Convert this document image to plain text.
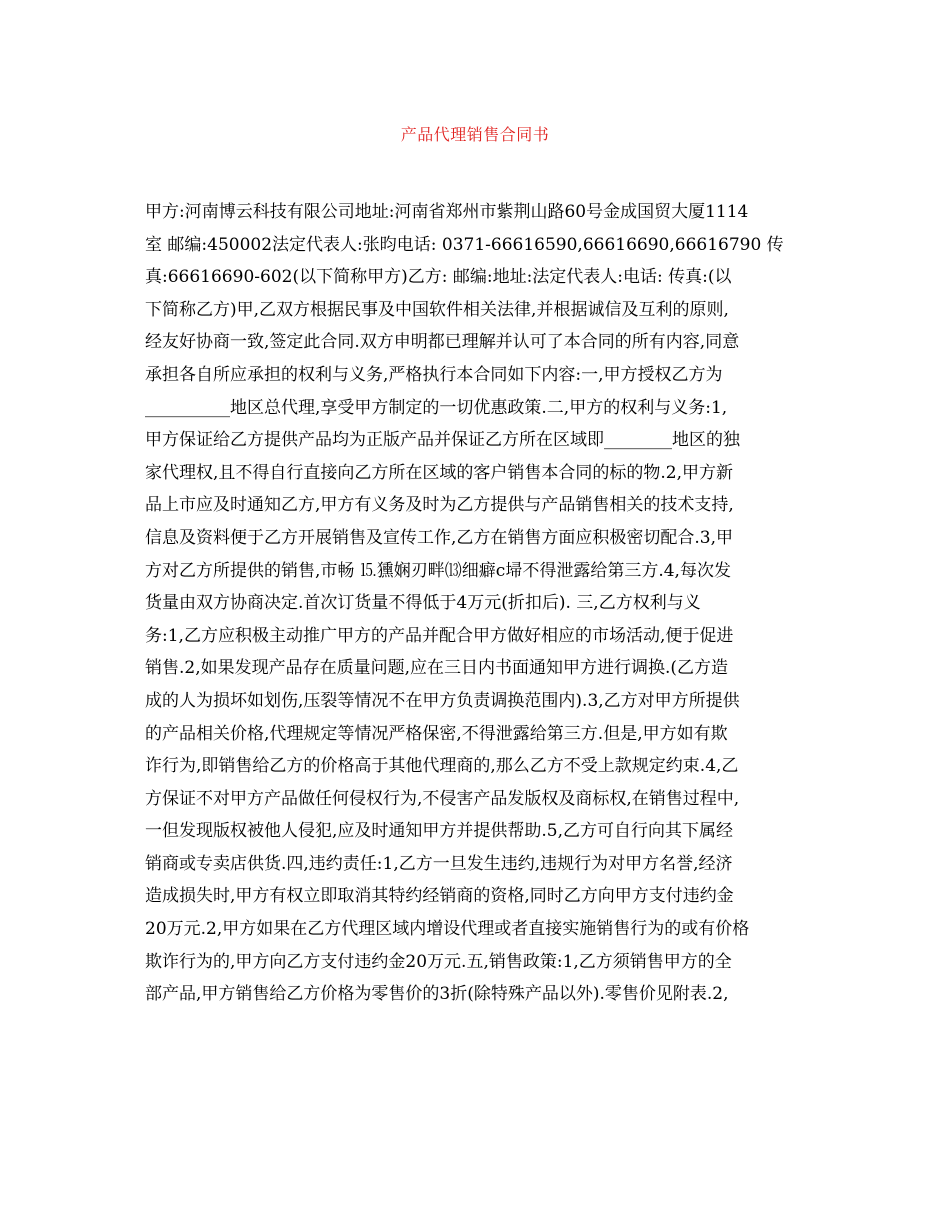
产品代理销售合同书
甲方:河南博云科技有限公司地址:河南省郑州市紫荆山路60号金成国贸大厦1114
室 邮编:450002法定代表人:张昀电话: 0371-66616590,66616690,66616790 传
真:66616690-602(以下简称甲方)乙方: 邮编:地址:法定代表人:电话: 传真:(以
下简称乙方)甲,乙双方根据民事及中国软件相关法律,并根据诚信及互利的原则,
经友好协商一致,签定此合同.双方申明都已理解并认可了本合同的所有内容,同意
承担各自所应承担的权利与义务,严格执行本合同如下内容:一,甲方授权乙方为
__________地区总代理,享受甲方制定的一切优惠政策.二,甲方的权利与义务:1,
甲方保证给乙方提供产品均为正版产品并保证乙方所在区域即________地区的独
家代理权,且不得自行直接向乙方所在区域的客户销售本合同的标的物.2,甲方新
品上市应及时通知乙方,甲方有义务及时为乙方提供与产品销售相关的技术支持,
信息及资料便于乙方开展销售及宣传工作,乙方在销售方面应积极密切配合.3,甲
方对乙方所提供的销售,市畅 ⒖獯娴刃畔⒀细癖c埽不得泄露给第三方.4,每次发
货量由双方协商决定.首次订货量不得低于4万元(折扣后). 三,乙方权利与义
务:1,乙方应积极主动推广甲方的产品并配合甲方做好相应的市场活动,便于促进
销售.2,如果发现产品存在质量问题,应在三日内书面通知甲方进行调换.(乙方造
成的人为损坏如划伤,压裂等情况不在甲方负责调换范围内).3,乙方对甲方所提供
的产品相关价格,代理规定等情况严格保密,不得泄露给第三方.但是,甲方如有欺
诈行为,即销售给乙方的价格高于其他代理商的,那么乙方不受上款规定约束.4,乙
方保证不对甲方产品做任何侵权行为,不侵害产品发版权及商标权,在销售过程中,
一但发现版权被他人侵犯,应及时通知甲方并提供帮助.5,乙方可自行向其下属经
销商或专卖店供货.四,违约责任:1,乙方一旦发生违约,违规行为对甲方名誉,经济
造成损失时,甲方有权立即取消其特约经销商的资格,同时乙方向甲方支付违约金
20万元.2,甲方如果在乙方代理区域内增设代理或者直接实施销售行为的或有价格
欺诈行为的,甲方向乙方支付违约金20万元.五,销售政策:1,乙方须销售甲方的全
部产品,甲方销售给乙方价格为零售价的3折(除特殊产品以外).零售价见附表.2,
